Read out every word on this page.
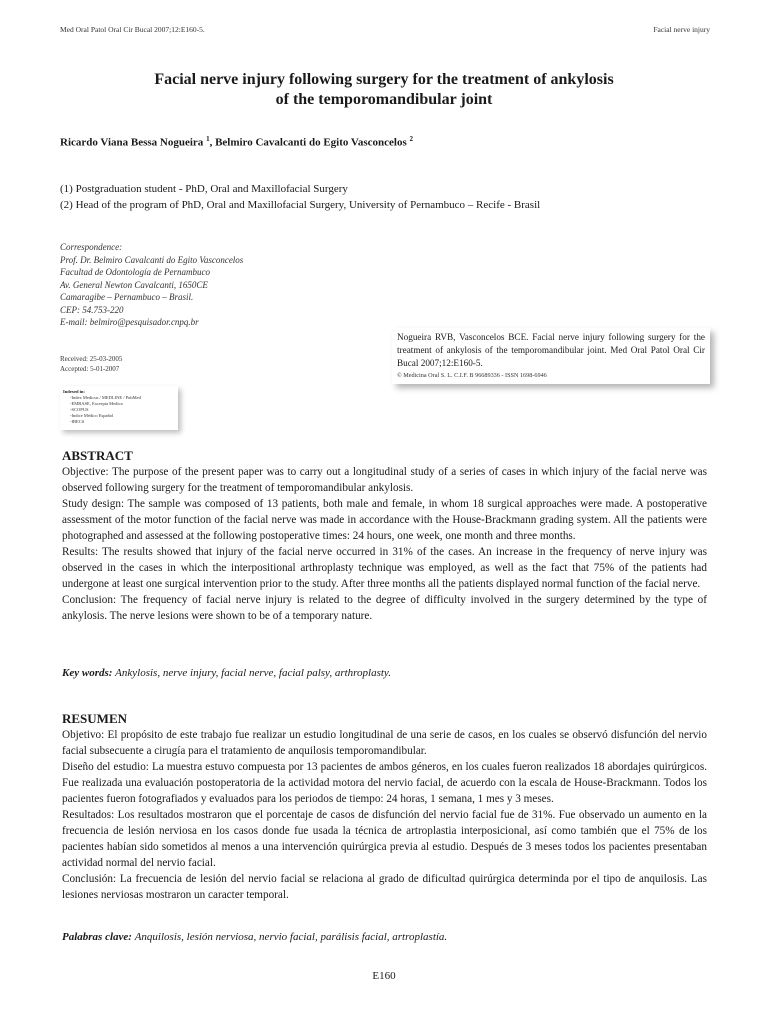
Med Oral Patol Oral Cir Bucal 2007;12:E160-5.	Facial nerve injury
Facial nerve injury following surgery for the treatment of ankylosis
of the temporomandibular joint
Ricardo Viana Bessa Nogueira $^1$, Belmiro Cavalcanti do Egito Vasconcelos $^2$
(1) Postgraduation student - PhD, Oral and Maxillofacial Surgery
(2) Head of the program of PhD, Oral and Maxillofacial Surgery, University of Pernambuco – Recife - Brasil
Correspondence:
Prof. Dr. Belmiro Cavalcanti do Egito Vasconcelos
Facultad de Odontología de Pernambuco
Av. General Newton Cavalcanti, 1650CE
Camaragibe – Pernambuco – Brasil.
CEP: 54.753-220
E-mail: belmiro@pesquisador.cnpq.br
Nogueira RVB, Vasconcelos BCE. Facial nerve injury following surgery for the treatment of ankylosis of the temporomandibular joint. Med Oral Patol Oral Cir Bucal 2007;12:E160-5.
© Medicina Oral S. L. C.I.F. B 96689336 - ISSN 1698-6946
Received: 25-03-2005
Accepted: 5-01-2007
Indexed in:
-Index Medicus / MEDLINE / PubMed
-EMBASE, Excerpta Medica
-SCOPUS
-Indice Médico Español
-IBECS
ABSTRACT

Objective: The purpose of the present paper was to carry out a longitudinal study of a series of cases in which injury of the facial nerve was observed following surgery for the treatment of temporomandibular ankylosis.

Study design: The sample was composed of 13 patients, both male and female, in whom 18 surgical approaches were made. A postoperative assessment of the motor function of the facial nerve was made in accordance with the House-Brackmann grading system. All the patients were photographed and assessed at the following postoperative times: 24 hours, one week, one month and three months.

Results: The results showed that injury of the facial nerve occurred in 31% of the cases. An increase in the frequency of nerve injury was observed in the cases in which the interpositional arthroplasty technique was employed, as well as the fact that 75% of the patients had undergone at least one surgical intervention prior to the study. After three months all the patients displayed normal function of the facial nerve.

Conclusion: The frequency of facial nerve injury is related to the degree of difficulty involved in the surgery determined by the type of ankylosis. The nerve lesions were shown to be of a temporary nature.

Key words: Ankylosis, nerve injury, facial nerve, facial palsy, arthroplasty.
RESUMEN

Objetivo: El propósito de este trabajo fue realizar un estudio longitudinal de una serie de casos, en los cuales se observó disfunción del nervio facial subsecuente a cirugía para el tratamiento de anquilosis temporomandibular.

Diseño del estudio: La muestra estuvo compuesta por 13 pacientes de ambos géneros, en los cuales fueron realizados 18 abordajes quirúrgicos. Fue realizada una evaluación postoperatoria de la actividad motora del nervio facial, de acuerdo con la escala de House-Brackmann. Todos los pacientes fueron fotografiados y evaluados para los periodos de tiempo: 24 horas, 1 semana, 1 mes y 3 meses.

Resultados: Los resultados mostraron que el porcentaje de casos de disfunción del nervio facial fue de 31%. Fue observado un aumento en la frecuencia de lesión nerviosa en los casos donde fue usada la técnica de artroplastia interposicional, así como también que el 75% de los pacientes habían sido sometidos al menos a una intervención quirúrgica previa al estudio. Después de 3 meses todos los pacientes presentaban actividad normal del nervio facial.

Conclusión: La frecuencia de lesión del nervio facial se relaciona al grado de dificultad quirúrgica determinda por el tipo de anquilosis. Las lesiones nerviosas mostraron un caracter temporal.

Palabras clave: Anquilosis, lesión nerviosa, nervio facial, parálisis facial, artroplastía.
E160
